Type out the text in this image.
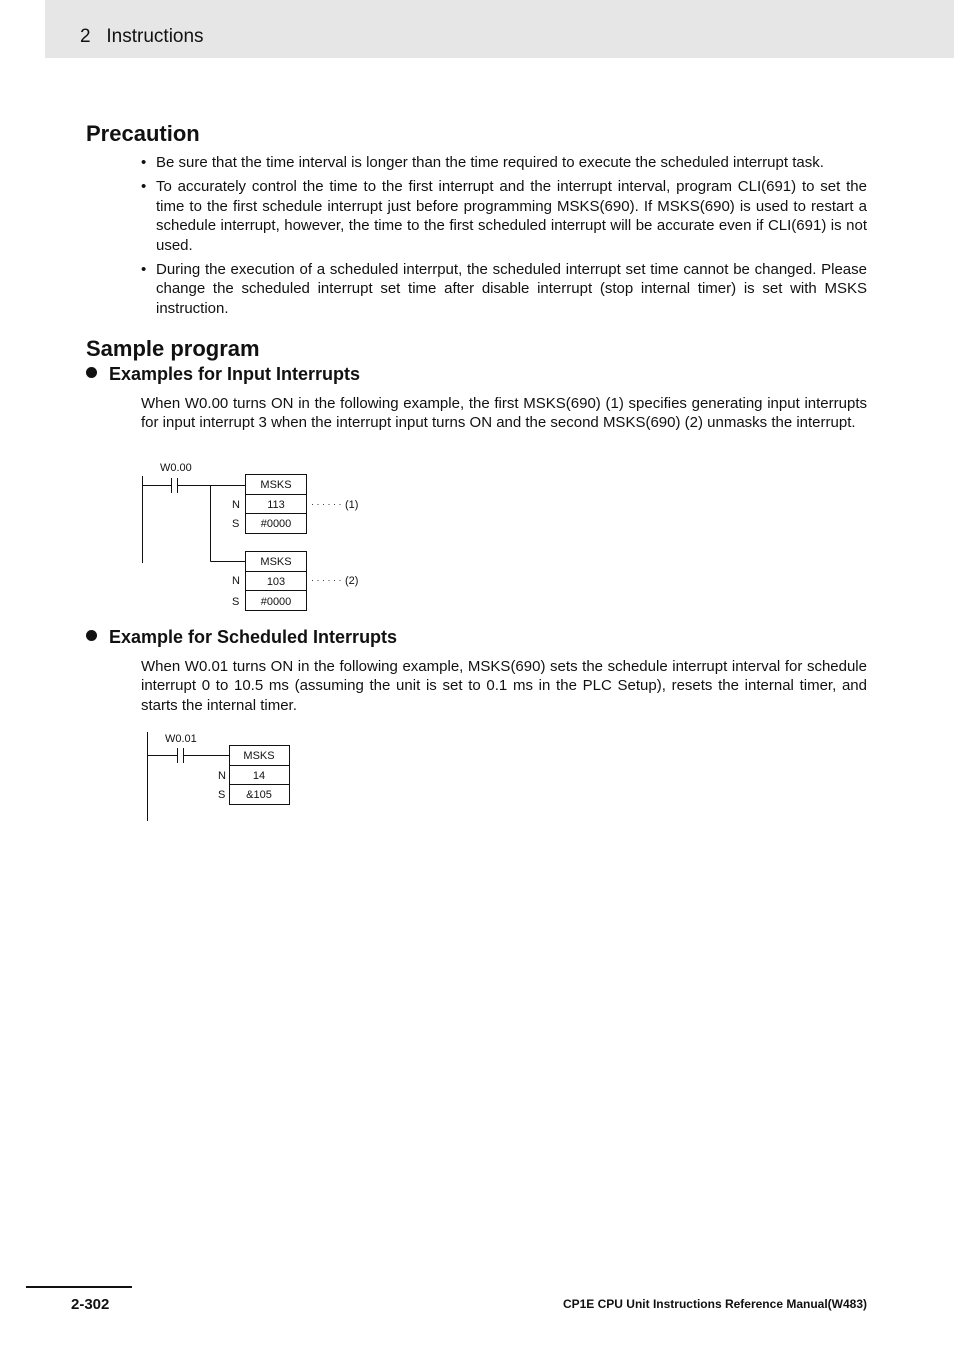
2   Instructions
Precaution
• Be sure that the time interval is longer than the time required to execute the scheduled interrupt task.
• To accurately control the time to the first interrupt and the interrupt interval, program CLI(691) to set the time to the first schedule interrupt just before programming MSKS(690). If MSKS(690) is used to restart a schedule interrupt, however, the time to the first scheduled interrupt will be accurate even if CLI(691) is not used.
• During the execution of a scheduled interrput, the scheduled interrupt set time cannot be changed. Please change the scheduled interrupt set time after disable interrupt (stop internal timer) is set with MSKS instruction.
Sample program
Examples for Input Interrupts
When W0.00 turns ON in the following example, the first MSKS(690) (1) specifies generating input interrupts for input interrupt 3 when the interrupt input turns ON and the second MSKS(690) (2) unmasks the interrupt.
W0.00
MSKS
N 113
S #0000
· · · · · · (1)
MSKS
N 103
S #0000
· · · · · · (2)
Example for Scheduled Interrupts
When W0.01 turns ON in the following example, MSKS(690) sets the schedule interrupt interval for schedule interrupt 0 to 10.5 ms (assuming the unit is set to 0.1 ms in the PLC Setup), resets the internal timer, and starts the internal timer.
W0.01
MSKS
N 14
S &105
2-302	CP1E CPU Unit Instructions Reference Manual(W483)
